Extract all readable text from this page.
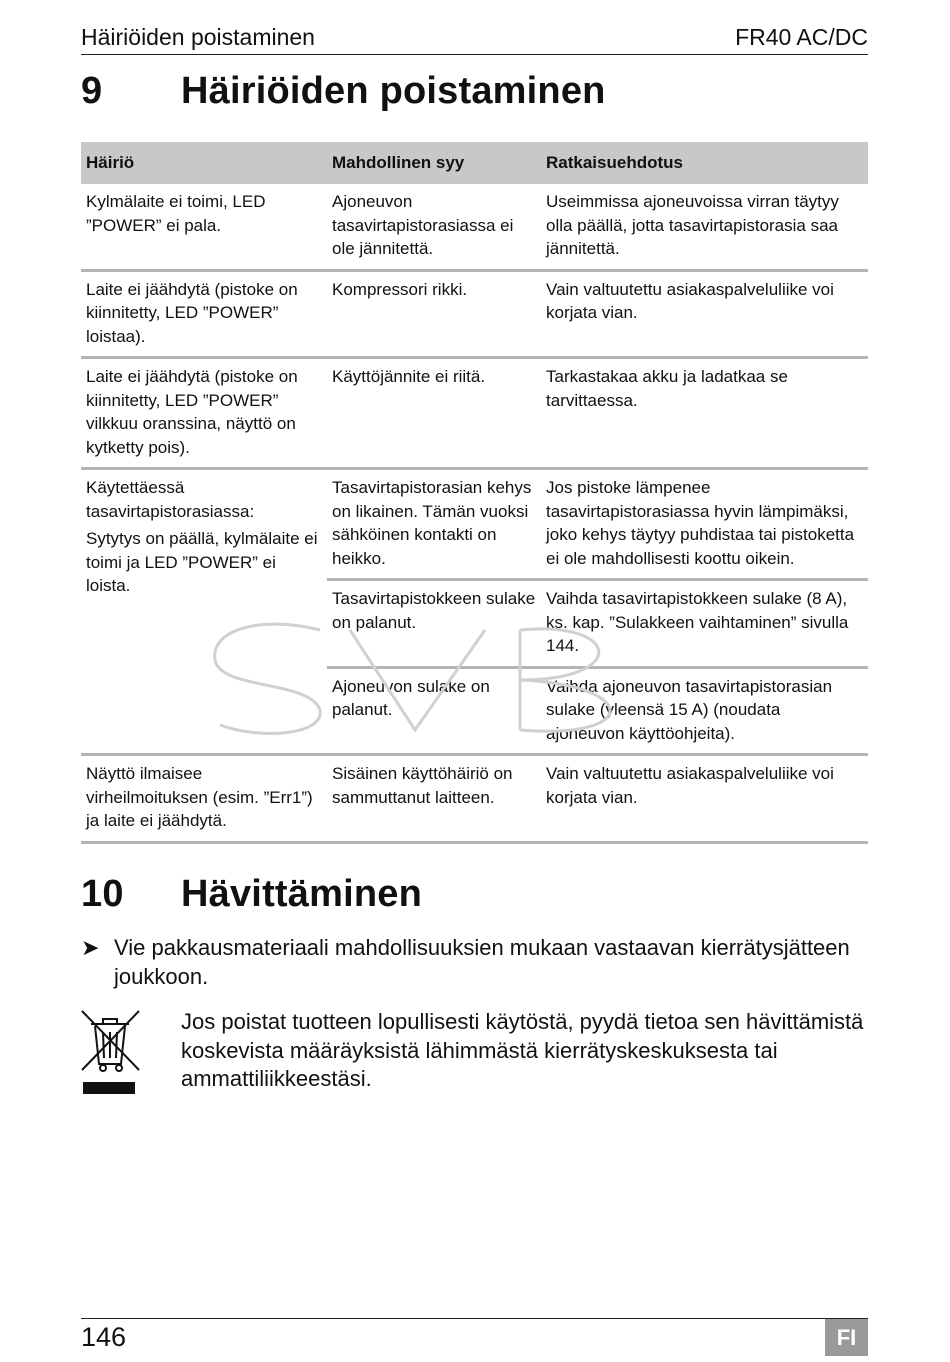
Häiriöiden poistaminen	FR40 AC/DC
9 Häiriöiden poistaminen
Häiriö	Mahdollinen syy	Ratkaisuehdotus
Kylmälaite ei toimi, LED ”POWER” ei pala.	Ajoneuvon tasavirtapistorasiassa ei ole jännitettä.	Useimmissa ajoneuvoissa virran täytyy olla päällä, jotta tasavirtapistorasia saa jännitettä.
Laite ei jäähdytä (pistoke on kiinnitetty, LED ”POWER” loistaa).	Kompressori rikki.	Vain valtuutettu asiakaspalveluliike voi korjata vian.
Laite ei jäähdytä (pistoke on kiinnitetty, LED ”POWER” vilkkuu oranssina, näyttö on kytketty pois).	Käyttöjännite ei riitä.	Tarkastakaa akku ja ladatkaa se tarvittaessa.

Käytettäessä tasavirtapistorasiassa:

Sytytys on päällä, kylmälaite ei toimi ja LED ”POWER” ei loista.	Tasavirtapistorasian kehys on likainen. Tämän vuoksi sähköinen kontakti on heikko.	Jos pistoke lämpenee tasavirtapistorasiassa hyvin lämpimäksi, joko kehys täytyy puhdistaa tai pistoketta ei ole mahdollisesti koottu oikein.
	Tasavirtapistokkeen sulake on palanut.	Vaihda tasavirtapistokkeen sulake (8 A), ks. kap. ”Sulakkeen vaihtaminen” sivulla 144.
	Ajoneuvon sulake on palanut.	Vaihda ajoneuvon tasavirtapistorasian sulake (yleensä 15 A) (noudata ajoneuvon käyttöohjeita).
Näyttö ilmaisee virheilmoituksen (esim. ”Err1”) ja laite ei jäähdytä.	Sisäinen käyttöhäiriö on sammuttanut laitteen.	Vain valtuutettu asiakaspalveluliike voi korjata vian.
10 Hävittäminen
➤ Vie pakkausmateriaali mahdollisuuksien mukaan vastaavan kierrätysjätteen joukkoon.
Jos poistat tuotteen lopullisesti käytöstä, pyydä tietoa sen hävittämistä koskevista määräyksistä lähimmästä kierrätyskeskuksesta tai ammattiliikkeestäsi.
146	FI
